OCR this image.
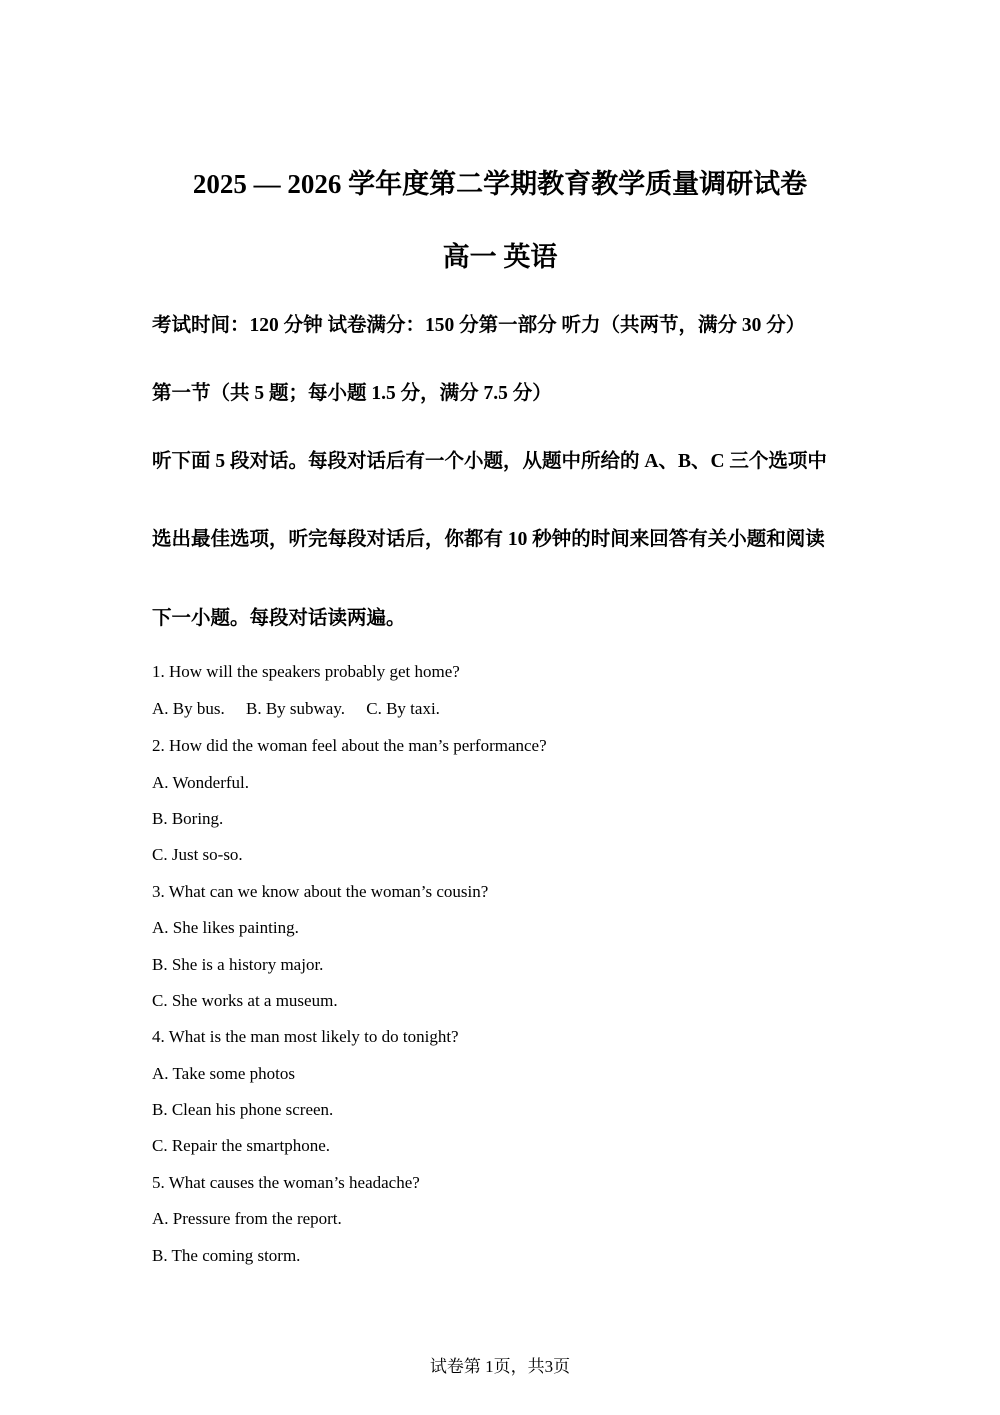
2025 — 2026 学年度第二学期教育教学质量调研试卷
高一 英语
考试时间：120 分钟 试卷满分：150 分第一部分 听力（共两节，满分 30 分）
第一节（共 5 题；每小题 1.5 分，满分 7.5 分）
听下面 5 段对话。每段对话后有一个小题，从题中所给的 A、B、C 三个选项中
选出最佳选项，听完每段对话后，你都有 10 秒钟的时间来回答有关小题和阅读
下一小题。每段对话读两遍。
1. How will the speakers probably get home?
A. By bus.     B. By subway.     C. By taxi.
2. How did the woman feel about the man’s performance?
A. Wonderful.
B. Boring.
C. Just so-so.
3. What can we know about the woman’s cousin?
A. She likes painting.
B. She is a history major.
C. She works at a museum.
4. What is the man most likely to do tonight?
A. Take some photos
B. Clean his phone screen.
C. Repair the smartphone.
5. What causes the woman’s headache?
A. Pressure from the report.
B. The coming storm.
试卷第 1页，共3页
